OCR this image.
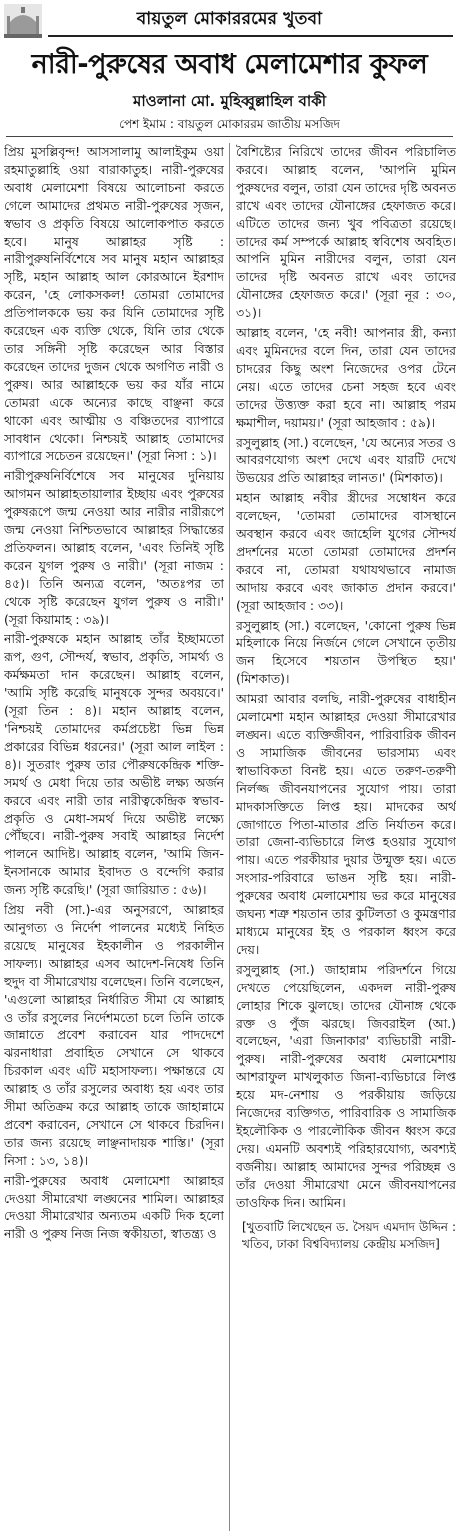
বায়তুল মোকাররমের খুতবা
নারী-পুরুষের অবাধ মেলামেশার কুফল
মাওলানা মো. মুহিব্বুল্লাহিল বাকী
পেশ ইমাম : বায়তুল মোকাররম জাতীয় মসজিদ

প্রিয় মুসল্লিবৃন্দ! আসসালামু আলাইকুম ওয়া রহমাতুল্লাহি ওয়া বারাকাতুহ। নারী-পুরুষের অবাধ মেলামেশা বিষয়ে আলোচনা করতে গেলে আমাদের প্রথমত নারী-পুরুষের সৃজন, স্বভাব ও প্রকৃতি বিষয়ে আলোকপাত করতে হবে। মানুষ আল্লাহর সৃষ্টি : নারীপুরুষনির্বিশেষে সব মানুষ মহান আল্লাহর সৃষ্টি, মহান আল্লাহ আল কোরআনে ইরশাদ করেন, 'হে লোকসকল! তোমরা তোমাদের প্রতিপালককে ভয় কর যিনি তোমাদের সৃষ্টি করেছেন এক ব্যক্তি থেকে, যিনি তার থেকে তার সঙ্গিনী সৃষ্টি করেছেন আর বিস্তার করেছেন তাদের দুজন থেকে অগণিত নারী ও পুরুষ। আর আল্লাহকে ভয় কর যাঁর নামে তোমরা একে অন্যের কাছে বাঞ্ছনা করে থাকো এবং আত্মীয় ও বঞ্চিতদের ব্যাপারে সাবধান থেকো। নিশ্চয়ই আল্লাহ তোমাদের ব্যাপারে সচেতন রয়েছেন।' (সূরা নিসা : ১)।

নারীপুরুষনির্বিশেষে সব মানুষের দুনিয়ায় আগমন আল্লাহতায়ালার ইচ্ছায় এবং পুরুষের পুরুষরূপে জন্ম নেওয়া আর নারীর নারীরূপে জন্ম নেওয়া নিশ্চিতভাবে আল্লাহর সিদ্ধান্তের প্রতিফলন। আল্লাহ বলেন, 'এবং তিনিই সৃষ্টি করেন যুগল পুরুষ ও নারী।' (সূরা নাজম : ৪৫)। তিনি অন্যত্র বলেন, 'অতঃপর তা থেকে সৃষ্টি করেছেন যুগল পুরুষ ও নারী।' (সূরা কিয়ামাহ : ৩৯)।

নারী-পুরুষকে মহান আল্লাহ তাঁর ইচ্ছামতো রূপ, গুণ, সৌন্দর্য, স্বভাব, প্রকৃতি, সামর্থ্য ও কর্মক্ষমতা দান করেছেন। আল্লাহ বলেন, 'আমি সৃষ্টি করেছি মানুষকে সুন্দর অবয়বে।' (সূরা তিন : ৪)। মহান আল্লাহ বলেন, 'নিশ্চয়ই তোমাদের কর্মপ্রচেষ্টা ভিন্ন ভিন্ন প্রকারের বিভিন্ন ধরনের।' (সূরা আল লাইল : ৪)। সুতরাং পুরুষ তার পৌরুষকেন্দ্রিক শক্তি-সমর্থ ও মেধা দিয়ে তার অভীষ্ট লক্ষ্য অর্জন করবে এবং নারী তার নারীত্বকেন্দ্রিক স্বভাব-প্রকৃতি ও মেধা-সমর্থ দিয়ে অভীষ্ট লক্ষ্যে পৌঁছবে। নারী-পুরুষ সবাই আল্লাহর নির্দেশ পালনে আদিষ্ট। আল্লাহ বলেন, 'আমি জিন-ইনসানকে আমার ইবাদত ও বন্দেগি করার জন্য সৃষ্টি করেছি।' (সূরা জারিয়াত : ৫৬)।

প্রিয় নবী (সা.)-এর অনুসরণে, আল্লাহর আনুগত্য ও নির্দেশ পালনের মধ্যেই নিহিত রয়েছে মানুষের ইহকালীন ও পরকালীন সাফল্য। আল্লাহর এসব আদেশ-নিষেধ তিনি হুদুদ বা সীমারেখায় বলেছেন। তিনি বলেছেন, 'এগুলো আল্লাহর নির্ধারিত সীমা যে আল্লাহ ও তাঁর রসুলের নির্দেশমতো চলে তিনি তাকে জান্নাতে প্রবেশ করাবেন যার পাদদেশে ঝরনাধারা প্রবাহিত সেখানে সে থাকবে চিরকাল এবং এটি মহাসাফল্য। পক্ষান্তরে যে আল্লাহ ও তাঁর রসুলের অবাধ্য হয় এবং তার সীমা অতিক্রম করে আল্লাহ তাকে জাহান্নামে প্রবেশ করাবেন, সেখানে সে থাকবে চিরদিন। তার জন্য রয়েছে লাঞ্ছনাদায়ক শাস্তি।' (সূরা নিসা : ১৩, ১৪)।

নারী-পুরুষের অবাধ মেলামেশা আল্লাহর দেওয়া সীমারেখা লঙ্ঘনের শামিল। আল্লাহর দেওয়া সীমারেখার অন্যতম একটি দিক হলো নারী ও পুরুষ নিজ নিজ স্বকীয়তা, স্বাতন্ত্র্য ও

বৈশিষ্ট্যের নিরিখে তাদের জীবন পরিচালিত করবে। আল্লাহ বলেন, 'আপনি মুমিন পুরুষদের বলুন, তারা যেন তাদের দৃষ্টি অবনত রাখে এবং তাদের যৌনাঙ্গের হেফাজত করে। এটিতে তাদের জন্য খুব পবিত্রতা রয়েছে। তাদের কর্ম সম্পর্কে আল্লাহ স্ববিশেষ অবহিত। আপনি মুমিন নারীদের বলুন, তারা যেন তাদের দৃষ্টি অবনত রাখে এবং তাদের যৌনাঙ্গের হেফাজত করে।' (সূরা নূর : ৩০, ৩১)।

আল্লাহ বলেন, 'হে নবী! আপনার স্ত্রী, কন্যা এবং মুমিনদের বলে দিন, তারা যেন তাদের চাদরের কিছু অংশ নিজেদের ওপর টেনে নেয়। এতে তাদের চেনা সহজ হবে এবং তাদের উত্ত্যক্ত করা হবে না। আল্লাহ পরম ক্ষমাশীল, দয়াময়।' (সূরা আহজাব : ৫৯)।

রসুলুল্লাহ (সা.) বলেছেন, 'যে অন্যের সতর ও আবরণযোগ্য অংশ দেখে এবং যারটি দেখে উভয়ের প্রতি আল্লাহর লানত।' (মিশকাত)।

মহান আল্লাহ নবীর স্ত্রীদের সম্বোধন করে বলেছেন, 'তোমরা তোমাদের বাসস্থানে অবস্থান করবে এবং জাহেলি যুগের সৌন্দর্য প্রদর্শনের মতো তোমরা তোমাদের প্রদর্শন করবে না, তোমরা যথাযথভাবে নামাজ আদায় করবে এবং জাকাত প্রদান করবে।' (সূরা আহজাব : ৩৩)।

রসুলুল্লাহ (সা.) বলেছেন, 'কোনো পুরুষ ভিন্ন মহিলাকে নিয়ে নির্জনে গেলে সেখানে তৃতীয় জন হিসেবে শয়তান উপস্থিত হয়।' (মিশকাত)।

আমরা আবার বলছি, নারী-পুরুষের বাধাহীন মেলামেশা মহান আল্লাহর দেওয়া সীমারেখার লঙ্ঘন। এতে ব্যক্তিজীবন, পারিবারিক জীবন ও সামাজিক জীবনের ভারসাম্য এবং স্বাভাবিকতা বিনষ্ট হয়। এতে তরুণ-তরুণী নির্লজ্জ জীবনযাপনের সুযোগ পায়। তারা মাদকাসক্তিতে লিপ্ত হয়। মাদকের অর্থ জোগাতে পিতা-মাতার প্রতি নির্যাতন করে। তারা জেনা-ব্যভিচারে লিপ্ত হওয়ার সুযোগ পায়। এতে পরকীয়ার দুয়ার উন্মুক্ত হয়। এতে সংসার-পরিবারে ভাঙন সৃষ্টি হয়। নারী-পুরুষের অবাধ মেলামেশায় ভর করে মানুষের জঘন্য শত্রু শয়তান তার কুটিলতা ও কুমন্ত্রণার মাধ্যমে মানুষের ইহ ও পরকাল ধ্বংস করে দেয়।

রসুলুল্লাহ (সা.) জাহান্নাম পরিদর্শনে গিয়ে দেখতে পেয়েছিলেন, একদল নারী-পুরুষ লোহার শিকে ঝুলছে। তাদের যৌনাঙ্গ থেকে রক্ত ও পুঁজ ঝরছে। জিবরাইল (আ.) বলেছেন, 'এরা জিনাকার' ব্যভিচারী নারী-পুরুষ। নারী-পুরুষের অবাধ মেলামেশায় আশরাফুল মাখলুকাত জিনা-ব্যভিচারে লিপ্ত হয়ে মদ-নেশায় ও পরকীয়ায় জড়িয়ে নিজেদের ব্যক্তিগত, পারিবারিক ও সামাজিক ইহলৌকিক ও পারলৌকিক জীবন ধ্বংস করে দেয়। এমনটি অবশ্যই পরিহারযোগ্য, অবশ্যই বর্জনীয়। আল্লাহ আমাদের সুন্দর পরিচ্ছন্ন ও তাঁর দেওয়া সীমারেখা মেনে জীবনযাপনের তাওফিক দিন। আমিন।

[খুতবাটি লিখেছেন ড. সৈয়দ এমদাদ উদ্দিন : খতিব, ঢাকা বিশ্ববিদ্যালয় কেন্দ্রীয় মসজিদ]
